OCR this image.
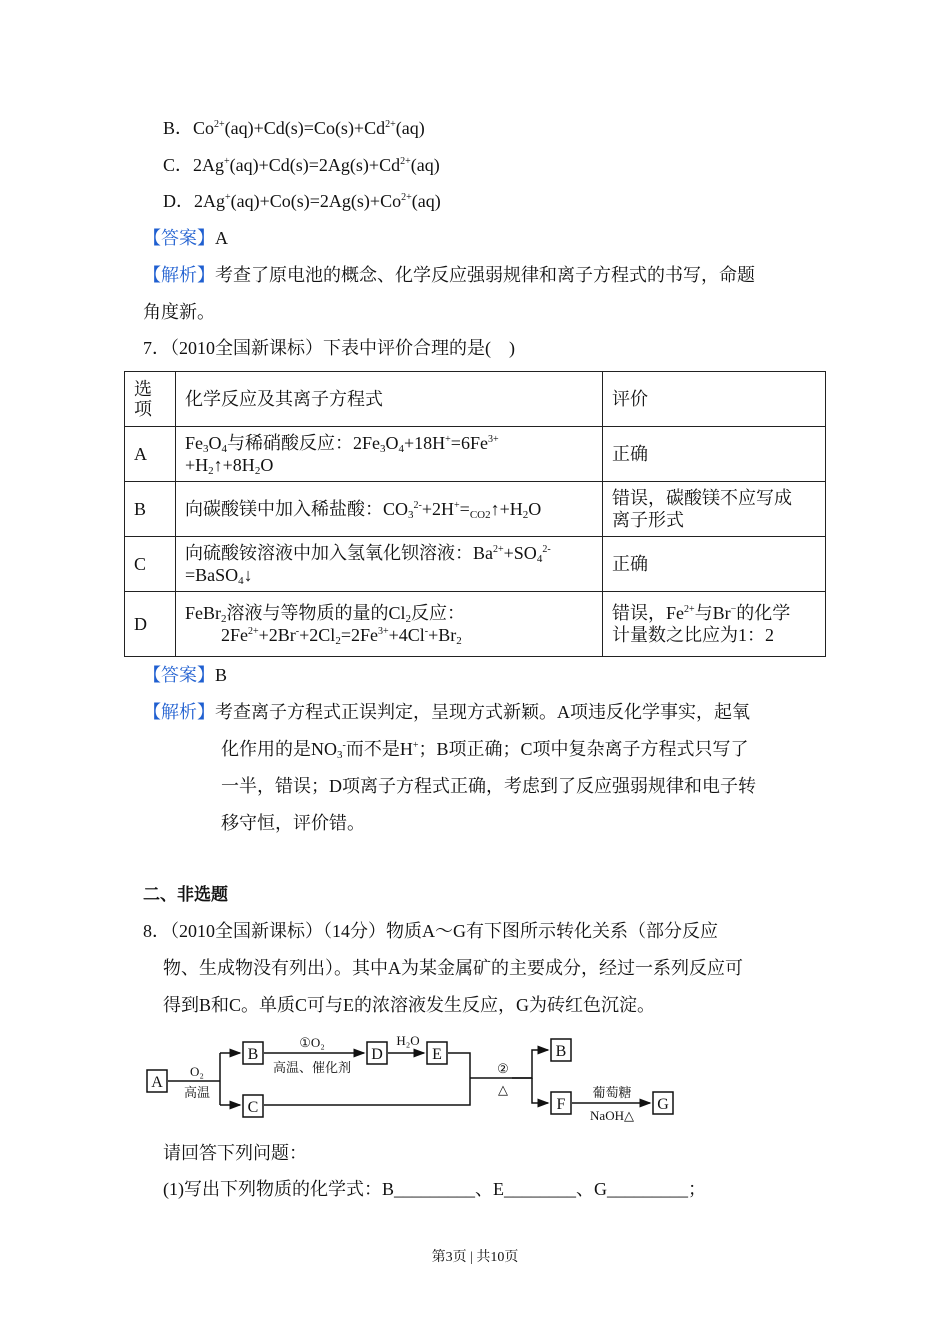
B．$Co^{2+}(aq)+Cd(s)=Co(s)+Cd^{2+}(aq)$
C．$2Ag^+(aq)+Cd(s)=2Ag(s)+Cd^{2+}(aq)$
D．$2Ag^+(aq)+Co(s)=2Ag(s)+Co^{2+}(aq)$
【答案】A
【解析】考查了原电池的概念、化学反应强弱规律和离子方程式的书写，命题
角度新。
7．（2010全国新课标）下表中评价合理的是(　)
选项	化学反应及其离子方程式	评价
A	$Fe_3O_4$与稀硝酸反应：$2Fe_3O_4+18H^+=6Fe^{3+}$
$+H_2↑+8H_2O$	正确
B	向碳酸镁中加入稀盐酸：$CO_3^{2-}+2H^+=_{CO2}↑+H_2O$	错误，碳酸镁不应写成
离子形式
C	向硫酸铵溶液中加入氢氧化钡溶液：$Ba^{2+}+SO_4^{2-}$
=BaSO$_4$↓	正确
D	FeBr$_2$溶液与等物质的量的$Cl_2$反应：
　　$2Fe^{2+}+2Br^-+2Cl_2=2Fe^{3+}+4Cl^-+Br_2$	错误，$Fe^{2+}$与Br−的化学
计量数之比应为1：2
【答案】B
【解析】考查离子方程式正误判定，呈现方式新颖。A项违反化学事实，起氧
化作用的是$NO_3^-$而不是H+；B项正确；C项中复杂离子方程式只写了
一半，错误；D项离子方程式正确，考虑到了反应强弱规律和电子转
移守恒，评价错。
二、非选题
8．（2010全国新课标）（14分）物质A～G有下图所示转化关系（部分反应
物、生成物没有列出）。其中A为某金属矿的主要成分，经过一系列反应可
得到B和C。单质C可与E的浓溶液发生反应，G为砖红色沉淀。
A
B
C
D	E	B
F	G
O₂
高温
①O₂
高温、催化剂
H₂O
②
△	葡萄糖
NaOH△
请回答下列问题：
(1)写出下列物质的化学式：B_________、E________、G_________；
第3页 | 共10页
